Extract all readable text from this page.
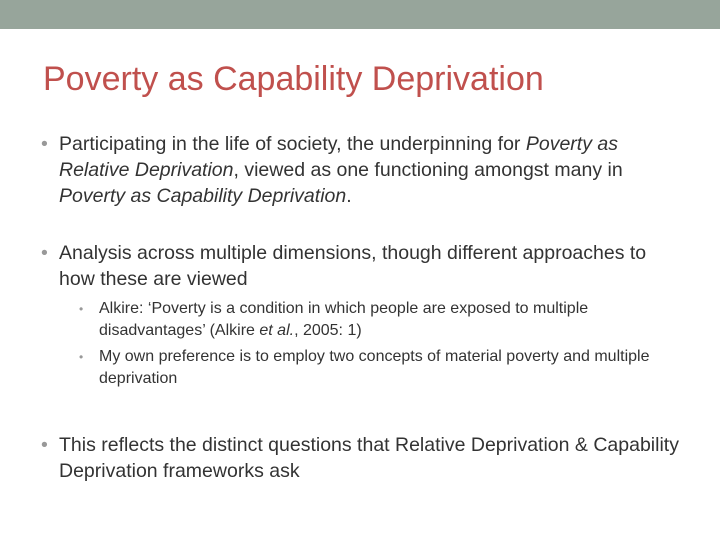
Poverty as Capability Deprivation

• Participating in the life of society, the underpinning for Poverty as Relative Deprivation, viewed as one functioning amongst many in Poverty as Capability Deprivation.

• Analysis across multiple dimensions, though different approaches to how these are viewed

• Alkire: ‘Poverty is a condition in which people are exposed to multiple disadvantages’ (Alkire et al., 2005: 1)

• My own preference is to employ two concepts of material poverty and multiple deprivation

• This reflects the distinct questions that Relative Deprivation & Capability Deprivation frameworks ask
